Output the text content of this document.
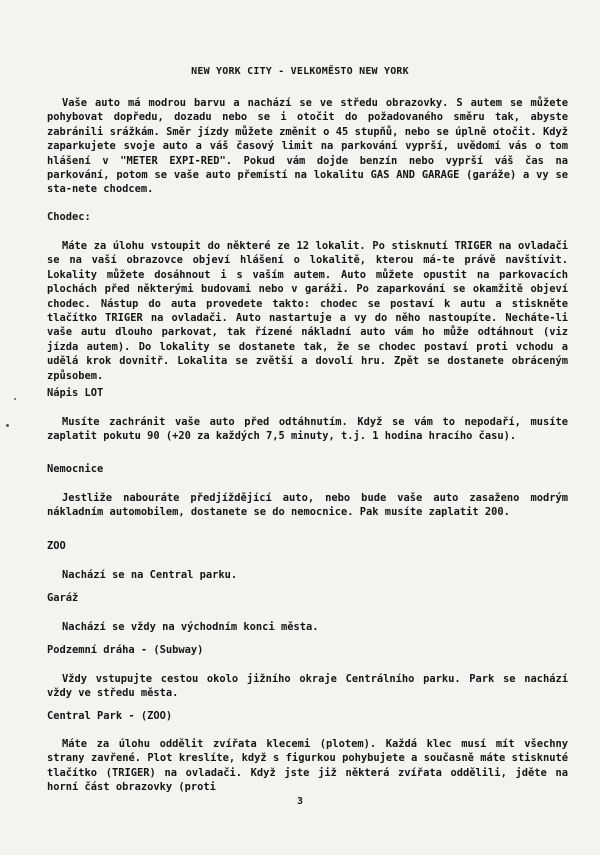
NEW YORK CITY - VELKOMĚSTO NEW YORK

Vaše auto má modrou barvu a nachází se ve středu obrazovky. S autem se můžete pohybovat dopředu, dozadu nebo se i otočit do požadovaného směru tak, abyste zabránili srážkám. Směr jízdy můžete změnit o 45 stupňů, nebo se úplně otočit. Když zaparkujete svoje auto a váš časový limit na parkování vyprší, uvědomí vás o tom hlášení v "METER EXPI-RED". Pokud vám dojde benzín nebo vyprší váš čas na parkování, potom se vaše auto přemístí na lokalitu GAS AND GARAGE (garáže) a vy se sta-nete chodcem.

Chodec:

Máte za úlohu vstoupit do některé ze 12 lokalit. Po stisknutí TRIGER na ovladači se na vaší obrazovce objeví hlášení o lokalitě, kterou má-te právě navštívit. Lokality můžete dosáhnout i s vaším autem. Auto můžete opustit na parkovacích plochách před některými budovami nebo v garáži. Po zaparkování se okamžitě objeví chodec. Nástup do auta provedete takto: chodec se postaví k autu a stiskněte tlačítko TRIGER na ovladači. Auto nastartuje a vy do něho nastoupíte. Necháte-li vaše autu dlouho parkovat, tak řízené nákladní auto vám ho může odtáhnout (viz jízda autem). Do lokality se dostanete tak, že se chodec postaví proti vchodu a udělá krok dovnitř. Lokalita se zvětší a dovolí hru. Zpět se dostanete obráceným způsobem.

Nápis LOT

Musíte zachránit vaše auto před odtáhnutím. Když se vám to nepodaří, musíte zaplatit pokutu 90 (+20 za každých 7,5 minuty, t.j. 1 hodina hracího času).

Nemocnice

Jestliže nabouráte předjíždějící auto, nebo bude vaše auto zasaženo modrým nákladním automobilem, dostanete se do nemocnice. Pak musíte zaplatit 200.

ZOO

Nachází se na Central parku.

Garáž

Nachází se vždy na východním konci města.

Podzemní dráha - (Subway)

Vždy vstupujte cestou okolo jižního okraje Centrálního parku. Park se nachází vždy ve středu města.

Central Park - (ZOO)

Máte za úlohu oddělit zvířata klecemi (plotem). Každá klec musí mít všechny strany zavřené. Plot kreslíte, když s figurkou pohybujete a současně máte stisknuté tlačítko (TRIGER) na ovladači. Když jste již některá zvířata oddělili, jděte na horní část obrazovky (proti

3
